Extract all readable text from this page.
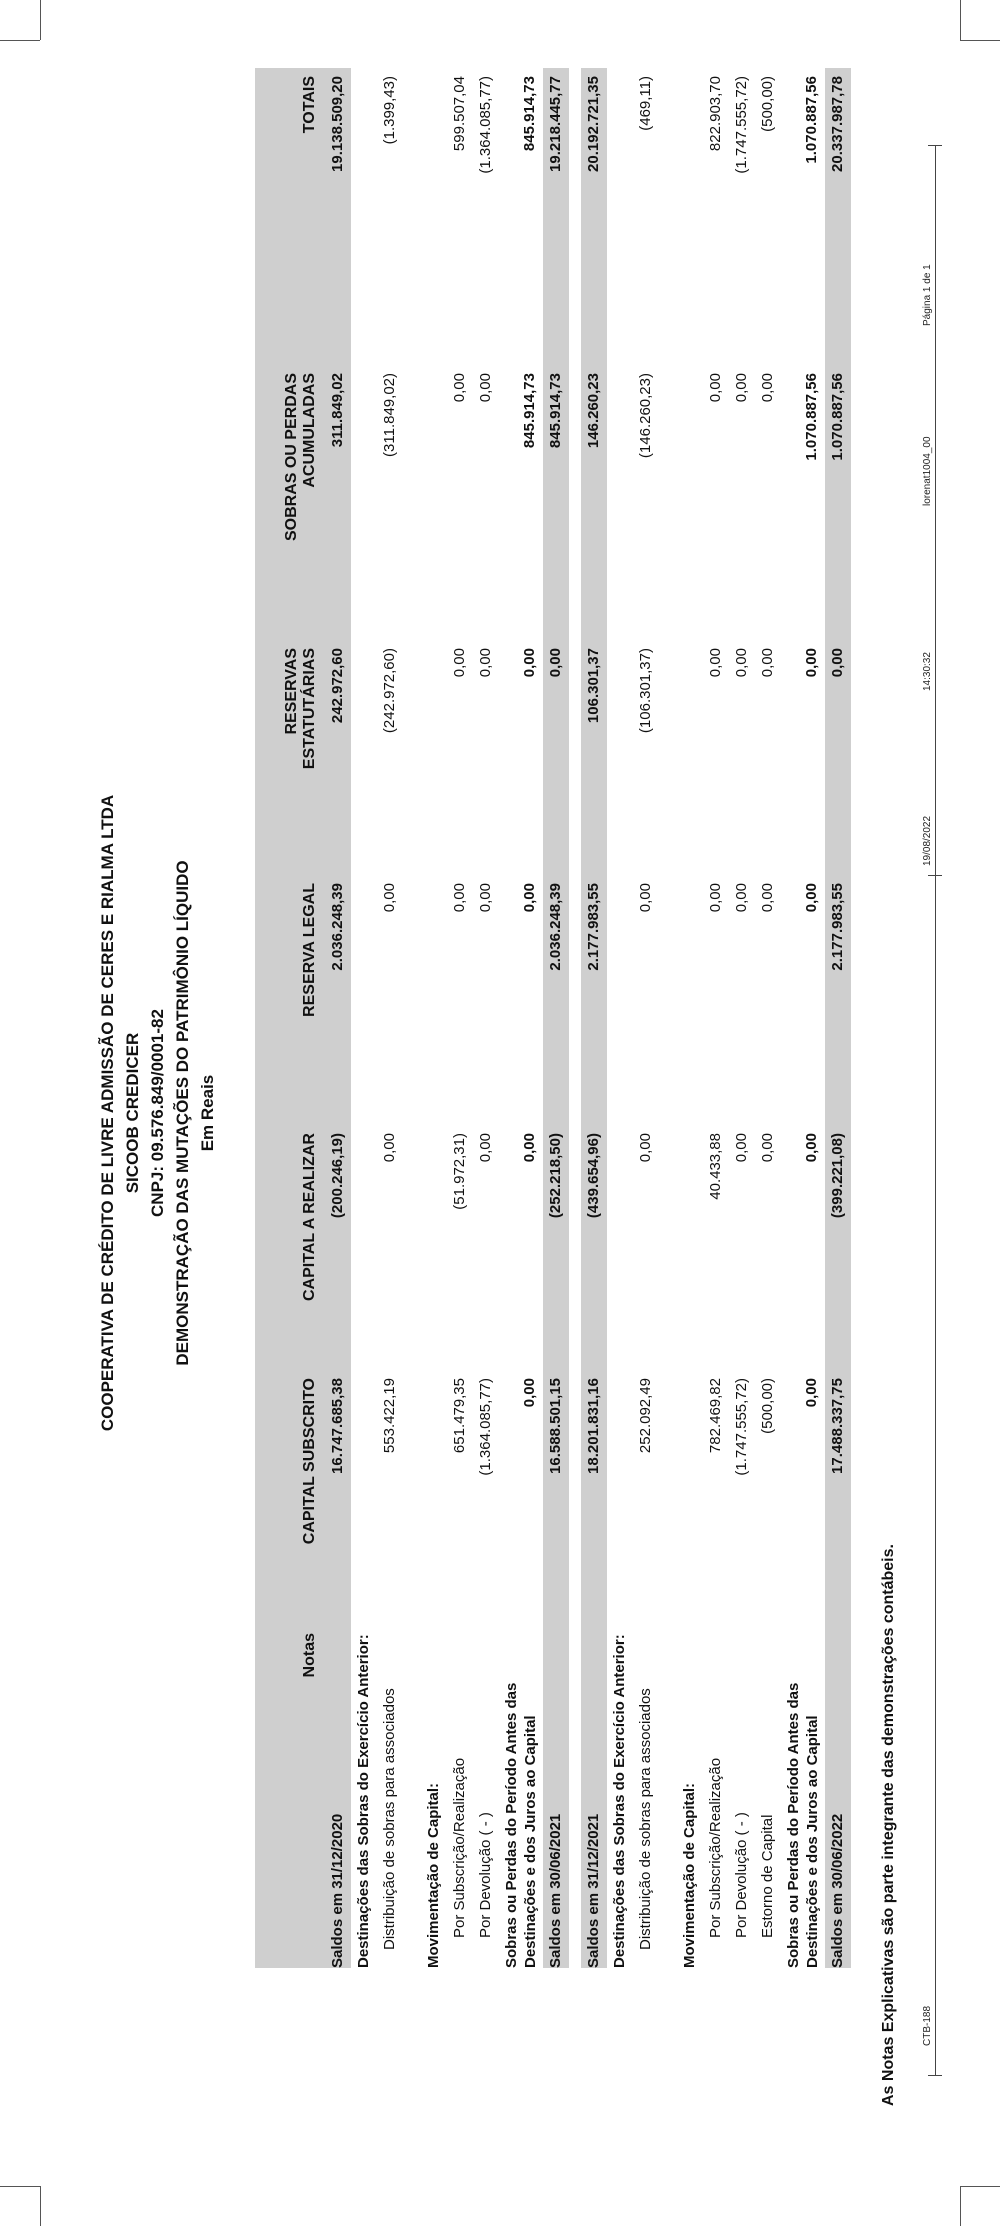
COOPERATIVA DE CRÉDITO DE LIVRE ADMISSÃO DE CERES E RIALMA LTDA SICOOB CREDICER CNPJ: 09.576.849/0001-82 DEMONSTRAÇÃO DAS MUTAÇÕES DO PATRIMÔNIO LÍQUIDO Em Reais
Notas
CAPITAL SUBSCRITO
CAPITAL A REALIZAR
RESERVA LEGAL
RESERVAS ESTATUTÁRIAS
SOBRAS OU PERDAS ACUMULADAS
TOTAIS
Saldos em 31/12/2020
16.747.685,38
(200.246,19)
2.036.248,39
242.972,60
311.849,02
19.138.509,20
Destinações das Sobras do Exercício Anterior: Distribuição de sobras para associados
553.422,19
0,00
0,00
(242.972,60)
(311.849,02)
(1.399,43)
Movimentação de Capital: Por Subscrição/Realização
651.479,35
(51.972,31)
0,00
0,00
0,00
599.507,04
Por Devolução ( - )
(1.364.085,77)
0,00
0,00
0,00
0,00
(1.364.085,77)
Sobras ou Perdas do Período Antes das Destinações e dos Juros ao Capital
0,00
0,00
0,00
0,00
845.914,73
845.914,73
Saldos em 30/06/2021
16.588.501,15
(252.218,50)
2.036.248,39
0,00
845.914,73
19.218.445,77
Saldos em 31/12/2021
18.201.831,16
(439.654,96)
2.177.983,55
106.301,37
146.260,23
20.192.721,35
Destinações das Sobras do Exercício Anterior: Distribuição de sobras para associados
252.092,49
0,00
0,00
(106.301,37)
(146.260,23)
(469,11)
Movimentação de Capital: Por Subscrição/Realização
782.469,82
40.433,88
0,00
0,00
0,00
822.903,70
Por Devolução ( - )
(1.747.555,72)
0,00
0,00
0,00
0,00
(1.747.555,72)
Estorno de Capital
(500,00)
0,00
0,00
0,00
0,00
(500,00)
Sobras ou Perdas do Período Antes das Destinações e dos Juros ao Capital
0,00
0,00
0,00
0,00
1.070.887,56
1.070.887,56
Saldos em 30/06/2022
17.488.337,75
(399.221,08)
2.177.983,55
0,00
1.070.887,56
20.337.987,78
As Notas Explicativas são parte integrante das demonstrações contábeis.	CTB-188
19/08/2022
14:30:32
lorenat1004_00
Página 1 de 1
